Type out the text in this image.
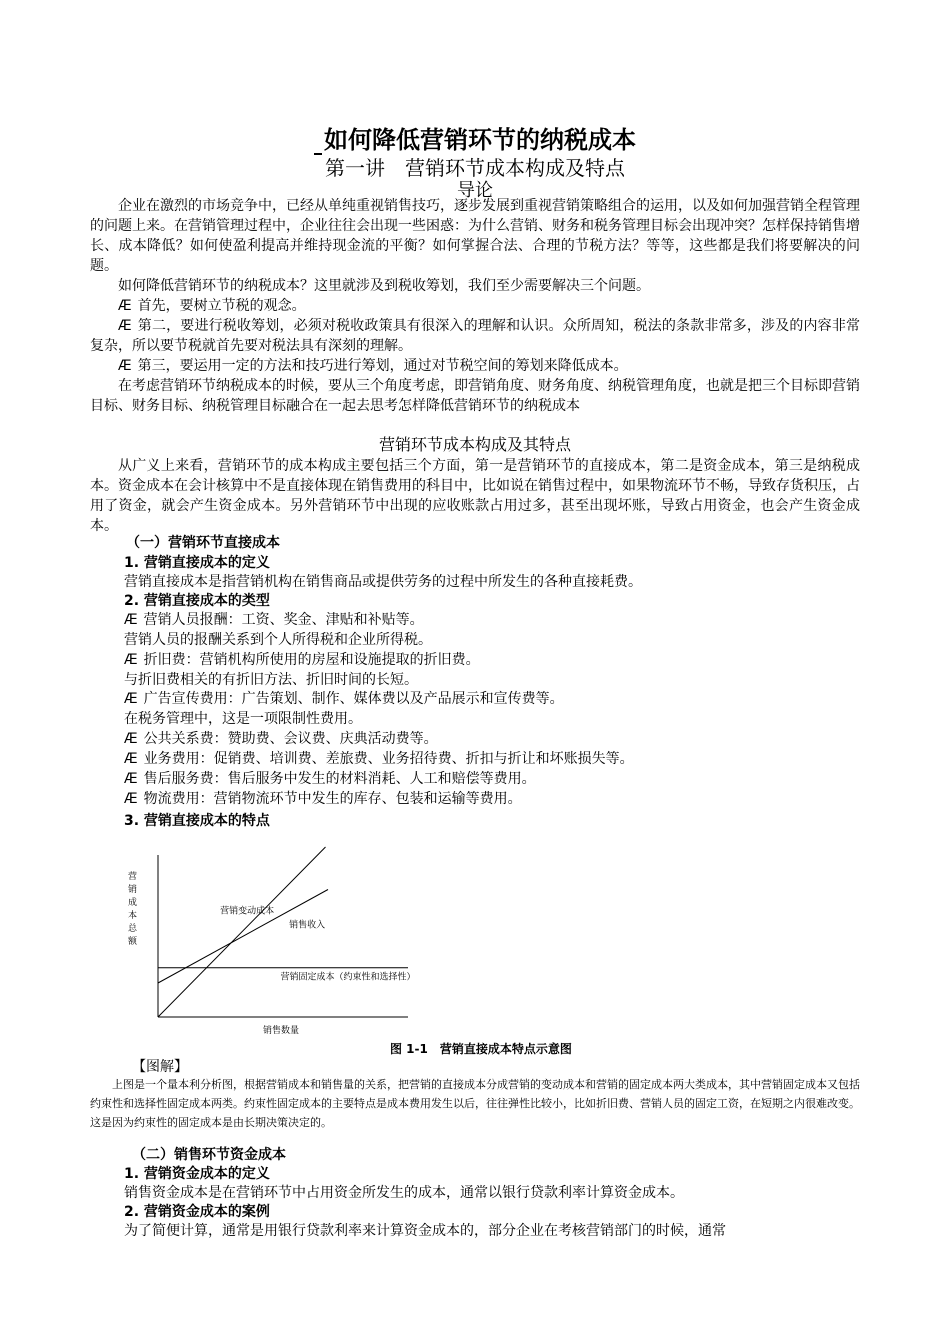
如何降低营销环节的纳税成本
第一讲　营销环节成本构成及特点
导论
企业在激烈的市场竞争中，已经从单纯重视销售技巧，逐步发展到重视营销策略组合的运用，以及如何加强营销全程管理的问题上来。在营销管理过程中，企业往往会出现一些困惑：为什么营销、财务和税务管理目标会出现冲突？怎样保持销售增长、成本降低？如何使盈利提高并维持现金流的平衡？如何掌握合法、合理的节税方法？等等，这些都是我们将要解决的问题。
如何降低营销环节的纳税成本？这里就涉及到税收筹划，我们至少需要解决三个问题。
Æ 首先，要树立节税的观念。
Æ 第二，要进行税收筹划，必须对税收政策具有很深入的理解和认识。众所周知，税法的条款非常多，涉及的内容非常复杂，所以要节税就首先要对税法具有深刻的理解。
Æ 第三，要运用一定的方法和技巧进行筹划，通过对节税空间的筹划来降低成本。
在考虑营销环节纳税成本的时候，要从三个角度考虑，即营销角度、财务角度、纳税管理角度，也就是把三个目标即营销目标、财务目标、纳税管理目标融合在一起去思考怎样降低营销环节的纳税成本
营销环节成本构成及其特点
从广义上来看，营销环节的成本构成主要包括三个方面，第一是营销环节的直接成本，第二是资金成本，第三是纳税成本。资金成本在会计核算中不是直接体现在销售费用的科目中，比如说在销售过程中，如果物流环节不畅，导致存货积压，占用了资金，就会产生资金成本。另外营销环节中出现的应收账款占用过多，甚至出现坏账，导致占用资金，也会产生资金成本。
（一）营销环节直接成本
1. 营销直接成本的定义
营销直接成本是指营销机构在销售商品或提供劳务的过程中所发生的各种直接耗费。
2. 营销直接成本的类型
Æ 营销人员报酬：工资、奖金、津贴和补贴等。
营销人员的报酬关系到个人所得税和企业所得税。
Æ 折旧费：营销机构所使用的房屋和设施提取的折旧费。
与折旧费相关的有折旧方法、折旧时间的长短。
Æ 广告宣传费用：广告策划、制作、媒体费以及产品展示和宣传费等。
在税务管理中，这是一项限制性费用。
Æ 公共关系费：赞助费、会议费、庆典活动费等。
Æ 业务费用：促销费、培训费、差旅费、业务招待费、折扣与折让和坏账损失等。
Æ 售后服务费：售后服务中发生的材料消耗、人工和赔偿等费用。
Æ 物流费用：营销物流环节中发生的库存、包装和运输等费用。
3. 营销直接成本的特点
营销变动成本
销售收入
营销固定成本（约束性和选择性）
营
销
成
本
总
额
销售数量
图 1-1　营销直接成本特点示意图
【图解】
上图是一个量本利分析图，根据营销成本和销售量的关系，把营销的直接成本分成营销的变动成本和营销的固定成本两大类成本，其中营销固定成本又包括约束性和选择性固定成本两类。约束性固定成本的主要特点是成本费用发生以后，往往弹性比较小，比如折旧费、营销人员的固定工资，在短期之内很难改变。这是因为约束性的固定成本是由长期决策决定的。
（二）销售环节资金成本
1. 营销资金成本的定义
销售资金成本是在营销环节中占用资金所发生的成本，通常以银行贷款利率计算资金成本。
2. 营销资金成本的案例
为了简便计算，通常是用银行贷款利率来计算资金成本的，部分企业在考核营销部门的时候，通常
